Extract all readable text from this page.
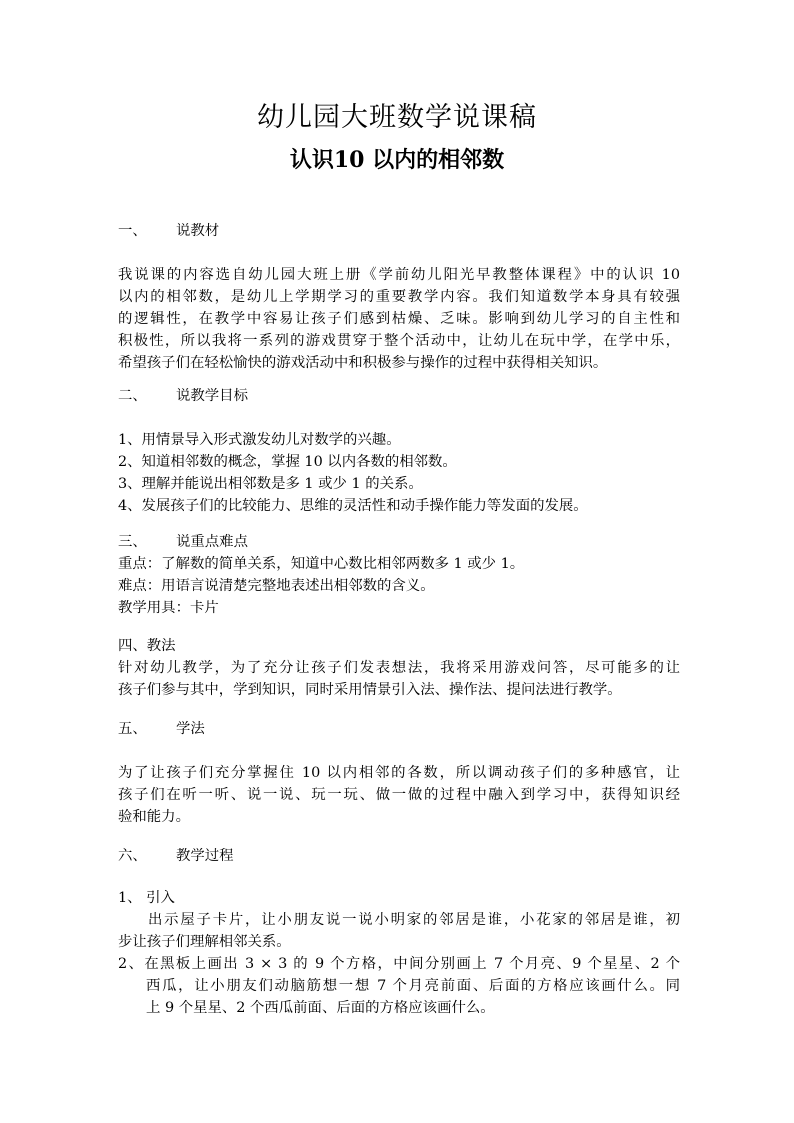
幼儿园大班数学说课稿
认识10 以内的相邻数
一、 说教材
我说课的内容选自幼儿园大班上册《学前幼儿阳光早教整体课程》中的认识 10
以内的相邻数，是幼儿上学期学习的重要教学内容。我们知道数学本身具有较强
的逻辑性，在教学中容易让孩子们感到枯燥、乏味。影响到幼儿学习的自主性和
积极性，所以我将一系列的游戏贯穿于整个活动中，让幼儿在玩中学，在学中乐，
希望孩子们在轻松愉快的游戏活动中和积极参与操作的过程中获得相关知识。
二、 说教学目标
1、用情景导入形式激发幼儿对数学的兴趣。
2、知道相邻数的概念，掌握 10 以内各数的相邻数。
3、理解并能说出相邻数是多 1 或少 1 的关系。
4、发展孩子们的比较能力、思维的灵活性和动手操作能力等发面的发展。
三、 说重点难点
重点：了解数的简单关系，知道中心数比相邻两数多 1 或少 1。
难点：用语言说清楚完整地表述出相邻数的含义。
教学用具：卡片
四、教法
针对幼儿教学，为了充分让孩子们发表想法，我将采用游戏问答，尽可能多的让
孩子们参与其中，学到知识，同时采用情景引入法、操作法、提问法进行教学。
五、 学法
为了让孩子们充分掌握住 10 以内相邻的各数，所以调动孩子们的多种感官，让
孩子们在听一听、说一说、玩一玩、做一做的过程中融入到学习中，获得知识经
验和能力。
六、 教学过程
1、 引入
出示屋子卡片，让小朋友说一说小明家的邻居是谁，小花家的邻居是谁，初
步让孩子们理解相邻关系。
2、在黑板上画出 3 × 3 的 9 个方格，中间分别画上 7 个月亮、9 个星星、2 个
西瓜，让小朋友们动脑筋想一想 7 个月亮前面、后面的方格应该画什么。同
上 9 个星星、2 个西瓜前面、后面的方格应该画什么。
